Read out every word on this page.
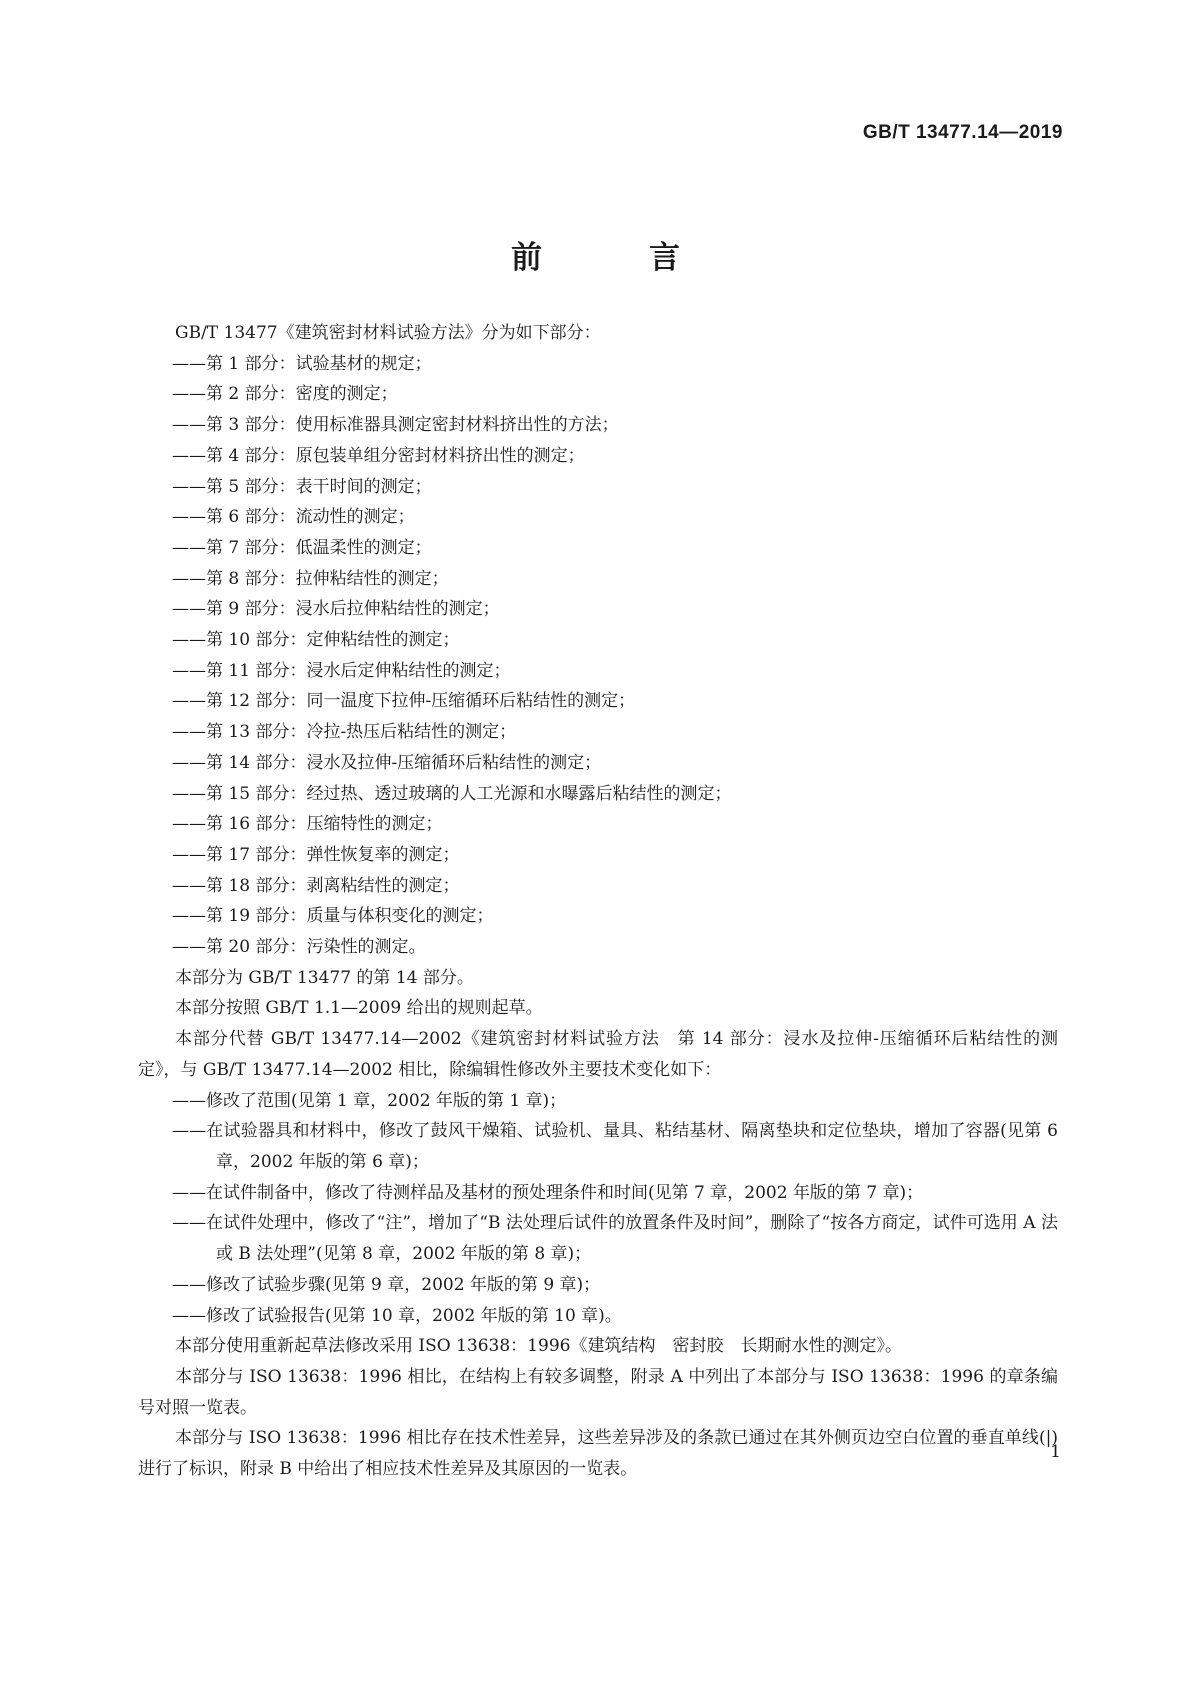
GB/T 13477.14—2019
前　言

GB/T 13477《建筑密封材料试验方法》分为如下部分：

——第 1 部分：试验基材的规定；

——第 2 部分：密度的测定；

——第 3 部分：使用标准器具测定密封材料挤出性的方法；

——第 4 部分：原包装单组分密封材料挤出性的测定；

——第 5 部分：表干时间的测定；

——第 6 部分：流动性的测定；

——第 7 部分：低温柔性的测定；

——第 8 部分：拉伸粘结性的测定；

——第 9 部分：浸水后拉伸粘结性的测定；

——第 10 部分：定伸粘结性的测定；

——第 11 部分：浸水后定伸粘结性的测定；

——第 12 部分：同一温度下拉伸-压缩循环后粘结性的测定；

——第 13 部分：冷拉-热压后粘结性的测定；

——第 14 部分：浸水及拉伸-压缩循环后粘结性的测定；

——第 15 部分：经过热、透过玻璃的人工光源和水曝露后粘结性的测定；

——第 16 部分：压缩特性的测定；

——第 17 部分：弹性恢复率的测定；

——第 18 部分：剥离粘结性的测定；

——第 19 部分：质量与体积变化的测定；

——第 20 部分：污染性的测定。

本部分为 GB/T 13477 的第 14 部分。

本部分按照 GB/T 1.1—2009 给出的规则起草。

本部分代替 GB/T 13477.14—2002《建筑密封材料试验方法　第 14 部分：浸水及拉伸-压缩循环后粘结性的测定》，与 GB/T 13477.14—2002 相比，除编辑性修改外主要技术变化如下：

——修改了范围(见第 1 章，2002 年版的第 1 章)；

——在试验器具和材料中，修改了鼓风干燥箱、试验机、量具、粘结基材、隔离垫块和定位垫块，增加了容器(见第 6 章，2002 年版的第 6 章)；

——在试件制备中，修改了待测样品及基材的预处理条件和时间(见第 7 章，2002 年版的第 7 章)；

——在试件处理中，修改了“注”，增加了“B 法处理后试件的放置条件及时间”，删除了“按各方商定，试件可选用 A 法或 B 法处理”(见第 8 章，2002 年版的第 8 章)；

——修改了试验步骤(见第 9 章，2002 年版的第 9 章)；

——修改了试验报告(见第 10 章，2002 年版的第 10 章)。

本部分使用重新起草法修改采用 ISO 13638：1996《建筑结构　密封胶　长期耐水性的测定》。

本部分与 ISO 13638：1996 相比，在结构上有较多调整，附录 A 中列出了本部分与 ISO 13638：1996 的章条编号对照一览表。

本部分与 ISO 13638：1996 相比存在技术性差异，这些差异涉及的条款已通过在其外侧页边空白位置的垂直单线(|)进行了标识，附录 B 中给出了相应技术性差异及其原因的一览表。

1
